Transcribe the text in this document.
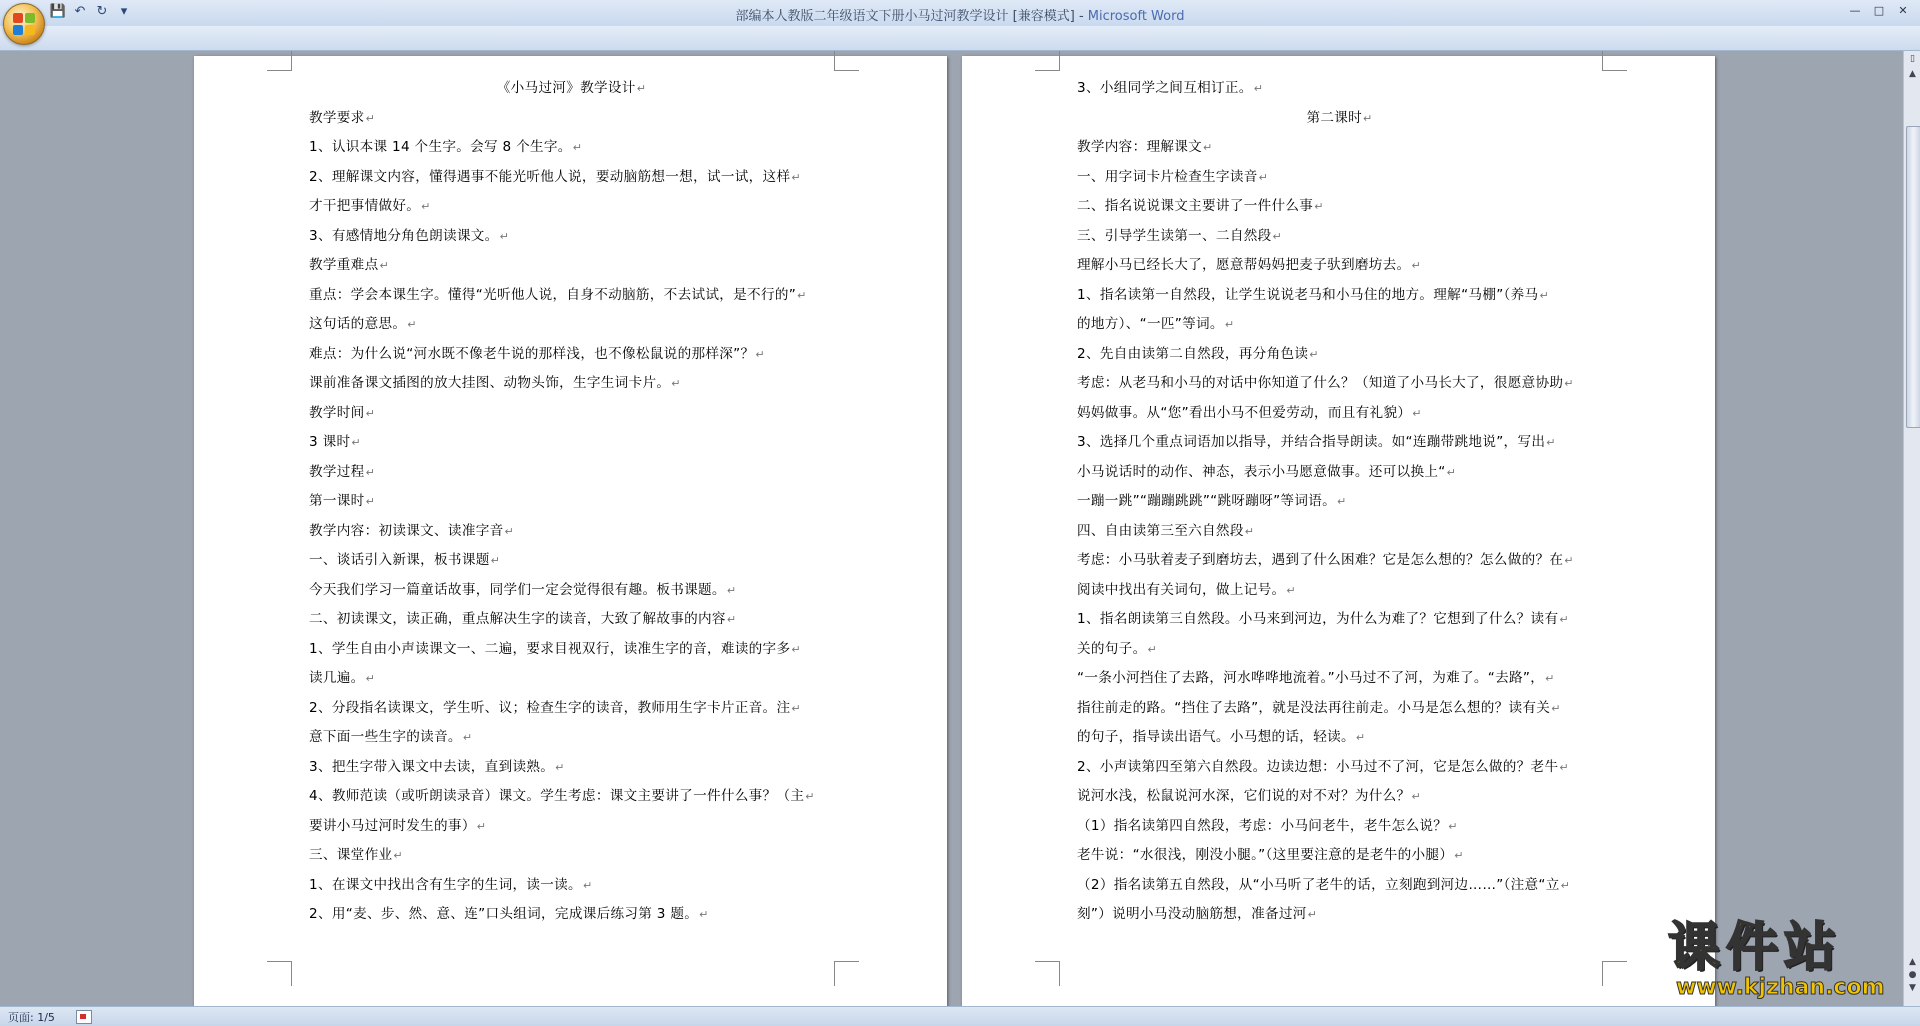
💾 ↶ ↻	▾	部编本人教版二年级语文下册小马过河教学设计 [兼容模式] - Microsoft Word	—	□	✕
《小马过河》教学设计↵
教学要求↵
1、认识本课 14 个生字。会写 8 个生字。↵
2、理解课文内容，懂得遇事不能光听他人说，要动脑筋想一想，试一试，这样↵
才干把事情做好。↵
3、有感情地分角色朗读课文。↵
教学重难点↵
重点：学会本课生字。懂得“光听他人说，自身不动脑筋，不去试试，是不行的”↵
这句话的意思。↵
难点：为什么说“河水既不像老牛说的那样浅，也不像松鼠说的那样深”？↵
课前准备课文插图的放大挂图、动物头饰，生字生词卡片。↵
教学时间↵
3 课时↵
教学过程↵
第一课时↵
教学内容：初读课文、读准字音↵
一、谈话引入新课，板书课题↵
今天我们学习一篇童话故事，同学们一定会觉得很有趣。板书课题。↵
二、初读课文，读正确，重点解决生字的读音，大致了解故事的内容↵
1、学生自由小声读课文一、二遍，要求目视双行，读准生字的音，难读的字多↵
读几遍。↵
2、分段指名读课文，学生听、议；检查生字的读音，教师用生字卡片正音。注↵
意下面一些生字的读音。↵
3、把生字带入课文中去读，直到读熟。↵
4、教师范读（或听朗读录音）课文。学生考虑：课文主要讲了一件什么事？（主↵
要讲小马过河时发生的事）↵
三、课堂作业↵
1、在课文中找出含有生字的生词，读一读。↵
2、用“麦、步、然、意、连”口头组词，完成课后练习第 3 题。↵
3、小组同学之间互相订正。↵
第二课时↵
教学内容：理解课文↵
一、用字词卡片检查生字读音↵
二、指名说说课文主要讲了一件什么事↵
三、引导学生读第一、二自然段↵
理解小马已经长大了，愿意帮妈妈把麦子驮到磨坊去。↵
1、指名读第一自然段，让学生说说老马和小马住的地方。理解“马棚”（养马↵
的地方）、“一匹”等词。↵
2、先自由读第二自然段，再分角色读↵
考虑：从老马和小马的对话中你知道了什么？（知道了小马长大了，很愿意协助↵
妈妈做事。从“您”看出小马不但爱劳动，而且有礼貌）↵
3、选择几个重点词语加以指导，并结合指导朗读。如“连蹦带跳地说”，写出↵
小马说话时的动作、神态，表示小马愿意做事。还可以换上“↵
一蹦一跳”“蹦蹦跳跳”“跳呀蹦呀”等词语。↵
四、自由读第三至六自然段↵
考虑：小马驮着麦子到磨坊去，遇到了什么困难？它是怎么想的？怎么做的？在↵
阅读中找出有关词句，做上记号。↵
1、指名朗读第三自然段。小马来到河边，为什么为难了？它想到了什么？读有↵
关的句子。↵
“一条小河挡住了去路，河水哗哗地流着。”小马过不了河，为难了。“去路”，↵
指往前走的路。“挡住了去路”，就是没法再往前走。小马是怎么想的？读有关↵
的句子，指导读出语气。小马想的话，轻读。↵
2、小声读第四至第六自然段。边读边想：小马过不了河，它是怎么做的？老牛↵
说河水浅，松鼠说河水深，它们说的对不对？为什么？↵
（1）指名读第四自然段，考虑：小马问老牛，老牛怎么说？↵
老牛说：“水很浅，刚没小腿。”（这里要注意的是老牛的小腿）↵
（2）指名读第五自然段，从“小马听了老牛的话，立刻跑到河边……”（注意“立↵
刻”）说明小马没动脑筋想，准备过河↵
▯
▲
▲
●
▼
页面: 1/5
课件站
www.kjzhan.com
